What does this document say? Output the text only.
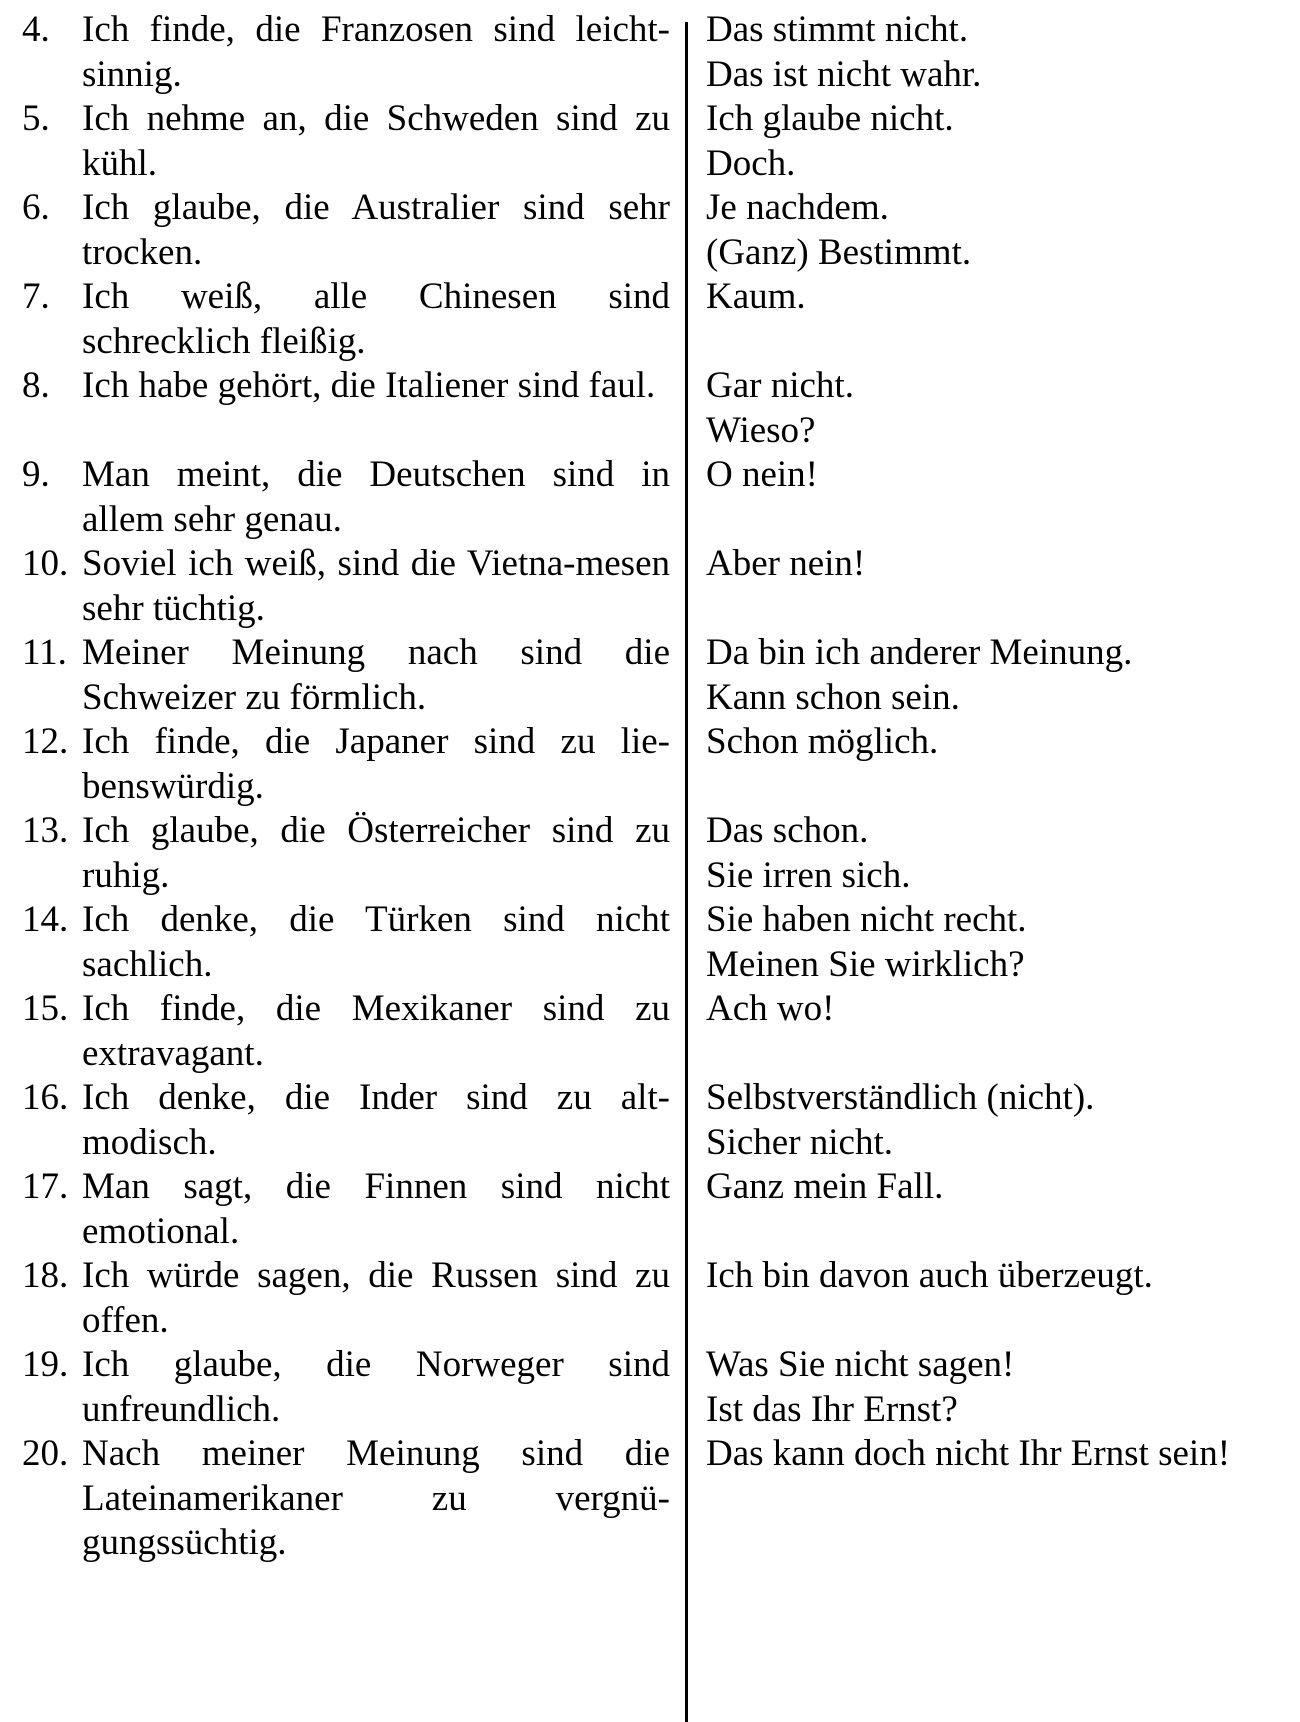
4. Ich finde, die Franzosen sind leicht-sinnig.
5. Ich nehme an, die Schweden sind zu kühl.
6. Ich glaube, die Australier sind sehr trocken.
7. Ich weiß, alle Chinesen sind schrecklich fleißig.
8. Ich habe gehört, die Italiener sind faul.
9. Man meint, die Deutschen sind in allem sehr genau.
10. Soviel ich weiß, sind die Vietna-mesen sehr tüchtig.
11. Meiner Meinung nach sind die Schweizer zu förmlich.
12. Ich finde, die Japaner sind zu lie-benswürdig.
13. Ich glaube, die Österreicher sind zu ruhig.
14. Ich denke, die Türken sind nicht sachlich.
15. Ich finde, die Mexikaner sind zu extravagant.
16. Ich denke, die Inder sind zu alt-modisch.
17. Man sagt, die Finnen sind nicht emotional.
18. Ich würde sagen, die Russen sind zu offen.
19. Ich glaube, die Norweger sind unfreundlich.
20. Nach meiner Meinung sind die Lateinamerikaner zu vergnü-gungssüchtig.
Das stimmt nicht.
Das ist nicht wahr.
Ich glaube nicht.
Doch.
Je nachdem.
(Ganz) Bestimmt.
Kaum.
Gar nicht.
Wieso?
O nein!
Aber nein!
Da bin ich anderer Meinung.
Kann schon sein.
Schon möglich.
Das schon.
Sie irren sich.
Sie haben nicht recht.
Meinen Sie wirklich?
Ach wo!
Selbstverständlich (nicht).
Sicher nicht.
Ganz mein Fall.
Ich bin davon auch überzeugt.
Was Sie nicht sagen!
Ist das Ihr Ernst?
Das kann doch nicht Ihr Ernst sein!
